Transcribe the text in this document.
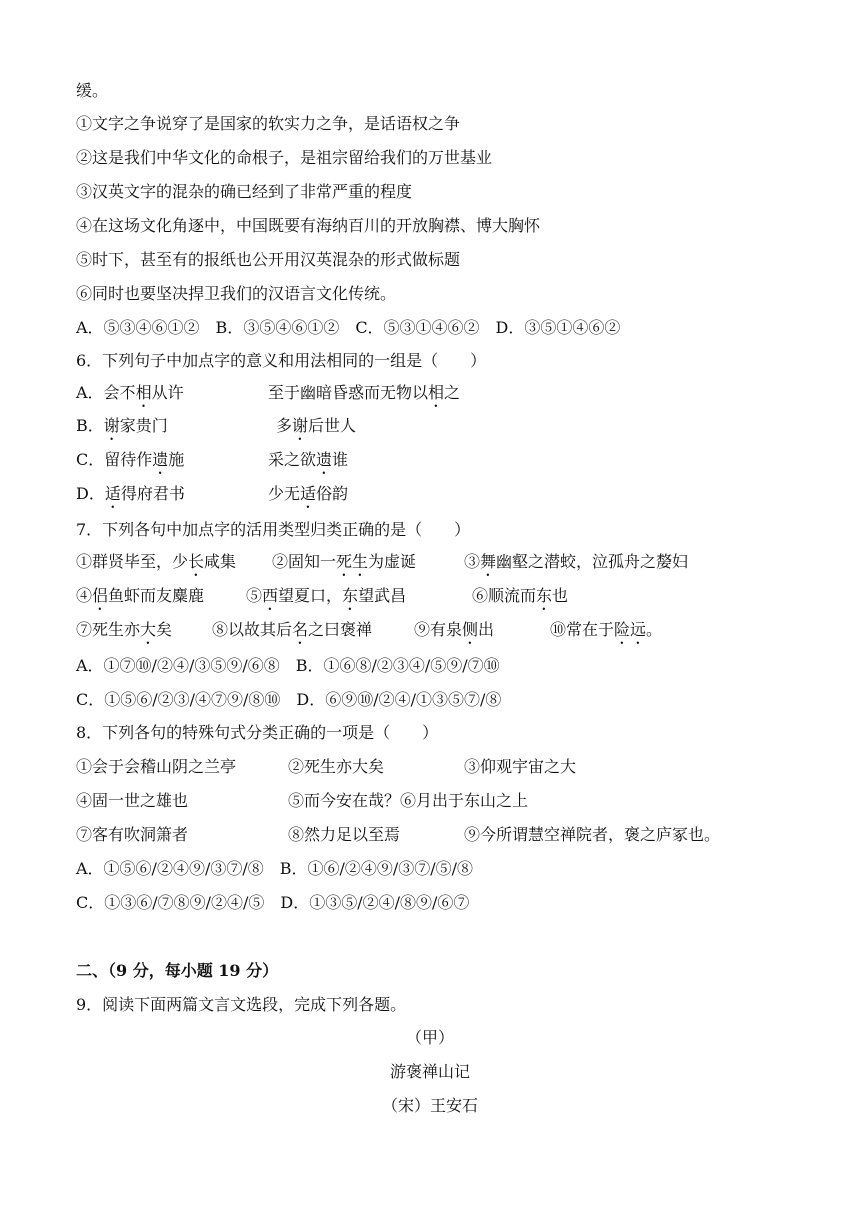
缓。
①文字之争说穿了是国家的软实力之争，是话语权之争
②这是我们中华文化的命根子，是祖宗留给我们的万世基业
③汉英文字的混杂的确已经到了非常严重的程度
④在这场文化角逐中，中国既要有海纳百川的开放胸襟、博大胸怀
⑤时下，甚至有的报纸也公开用汉英混杂的形式做标题
⑥同时也要坚决捍卫我们的汉语言文化传统。
A．⑤③④⑥①②　B．③⑤④⑥①②　C．⑤③①④⑥②　D．③⑤①④⑥②
6．下列句子中加点字的意义和用法相同的一组是（　　）
A．会不相从许	至于幽暗昏惑而无物以相之
B．谢家贵门	多谢后世人
C．留待作遗施	采之欲遗谁
D．适得府君书	少无适俗韵
7．下列各句中加点字的活用类型归类正确的是（　　）
①群贤毕至，少长咸集 ②固知一死生为虚诞	③舞幽壑之潜蛟，泣孤舟之嫠妇
④侣鱼虾而友麋鹿	⑤西望夏口，东望武昌	⑥顺流而东也
⑦死生亦大矣 ⑧以故其后名之曰褒禅	⑨有泉侧出	⑩常在于险远。
A．①⑦⑩/②④/③⑤⑨/⑥⑧　B．①⑥⑧/②③④/⑤⑨/⑦⑩
C．①⑤⑥/②③/④⑦⑨/⑧⑩　D．⑥⑨⑩/②④/①③⑤⑦/⑧
8．下列各句的特殊句式分类正确的一项是（　　）
①会于会稽山阴之兰亭	②死生亦大矣	③仰观宇宙之大
④固一世之雄也	⑤而今安在哉？⑥月出于东山之上
⑦客有吹洞箫者	⑧然力足以至焉	⑨今所谓慧空禅院者，褒之庐冢也。
A．①⑤⑥/②④⑨/③⑦/⑧　B．①⑥/②④⑨/③⑦/⑤/⑧
C．①③⑥/⑦⑧⑨/②④/⑤　D．①③⑤/②④/⑧⑨/⑥⑦
二、（9 分，每小题 19 分）
9．阅读下面两篇文言文选段，完成下列各题。
（甲）
游褒禅山记
（宋）王安石
